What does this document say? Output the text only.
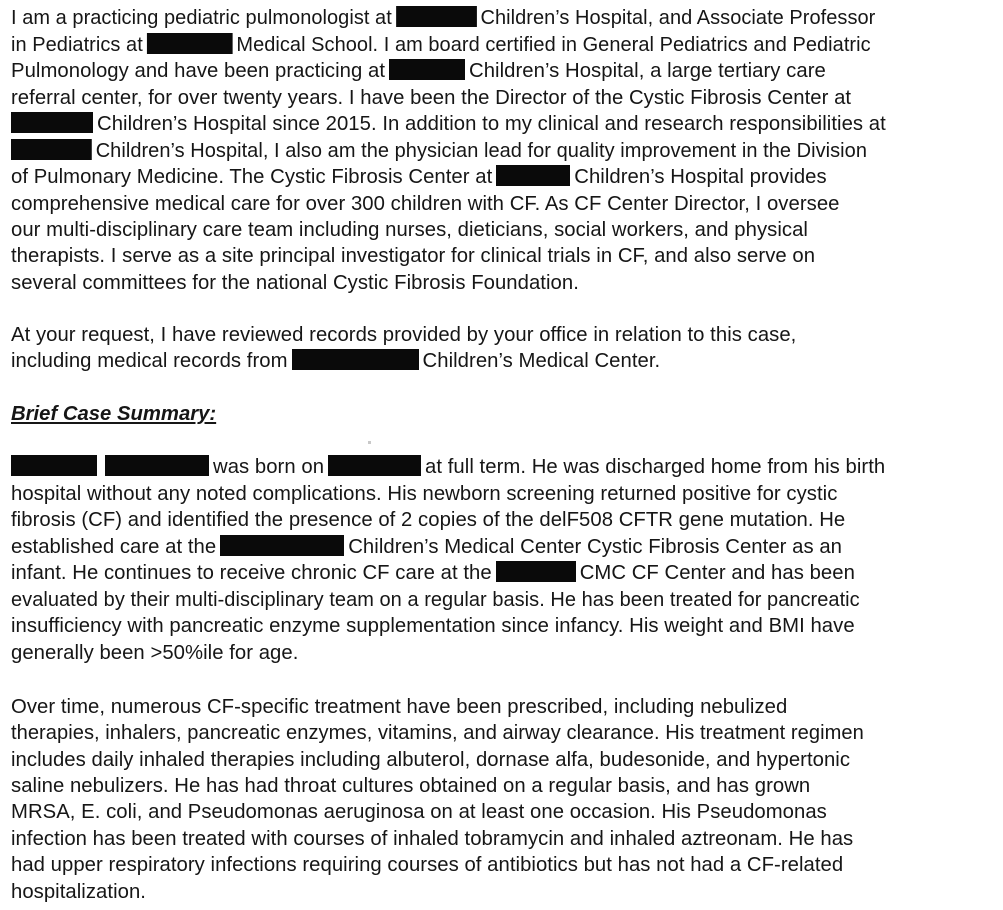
I am a practicing pediatric pulmonologist at	Children’s Hospital, and Associate Professor
in Pediatrics at	Medical School. I am board certified in General Pediatrics and Pediatric
Pulmonology and have been practicing at	Children’s Hospital, a large tertiary care
referral center, for over twenty years. I have been the Director of the Cystic Fibrosis Center at
Children’s Hospital since 2015. In addition to my clinical and research responsibilities at
Children’s Hospital, I also am the physician lead for quality improvement in the Division
of Pulmonary Medicine. The Cystic Fibrosis Center at	Children’s Hospital provides
comprehensive medical care for over 300 children with CF. As CF Center Director, I oversee
our multi-disciplinary care team including nurses, dieticians, social workers, and physical
therapists. I serve as a site principal investigator for clinical trials in CF, and also serve on
several committees for the national Cystic Fibrosis Foundation.
At your request, I have reviewed records provided by your office in relation to this case,
including medical records from	Children’s Medical Center.
Brief Case Summary:
was born on	at full term. He was discharged home from his birth
hospital without any noted complications. His newborn screening returned positive for cystic
fibrosis (CF) and identified the presence of 2 copies of the delF508 CFTR gene mutation. He
established care at the	Children’s Medical Center Cystic Fibrosis Center as an
infant. He continues to receive chronic CF care at the	CMC CF Center and has been
evaluated by their multi-disciplinary team on a regular basis. He has been treated for pancreatic
insufficiency with pancreatic enzyme supplementation since infancy. His weight and BMI have
generally been >50%ile for age.
Over time, numerous CF-specific treatment have been prescribed, including nebulized
therapies, inhalers, pancreatic enzymes, vitamins, and airway clearance. His treatment regimen
includes daily inhaled therapies including albuterol, dornase alfa, budesonide, and hypertonic
saline nebulizers. He has had throat cultures obtained on a regular basis, and has grown
MRSA, E. coli, and Pseudomonas aeruginosa on at least one occasion. His Pseudomonas
infection has been treated with courses of inhaled tobramycin and inhaled aztreonam. He has
had upper respiratory infections requiring courses of antibiotics but has not had a CF-related
hospitalization.
